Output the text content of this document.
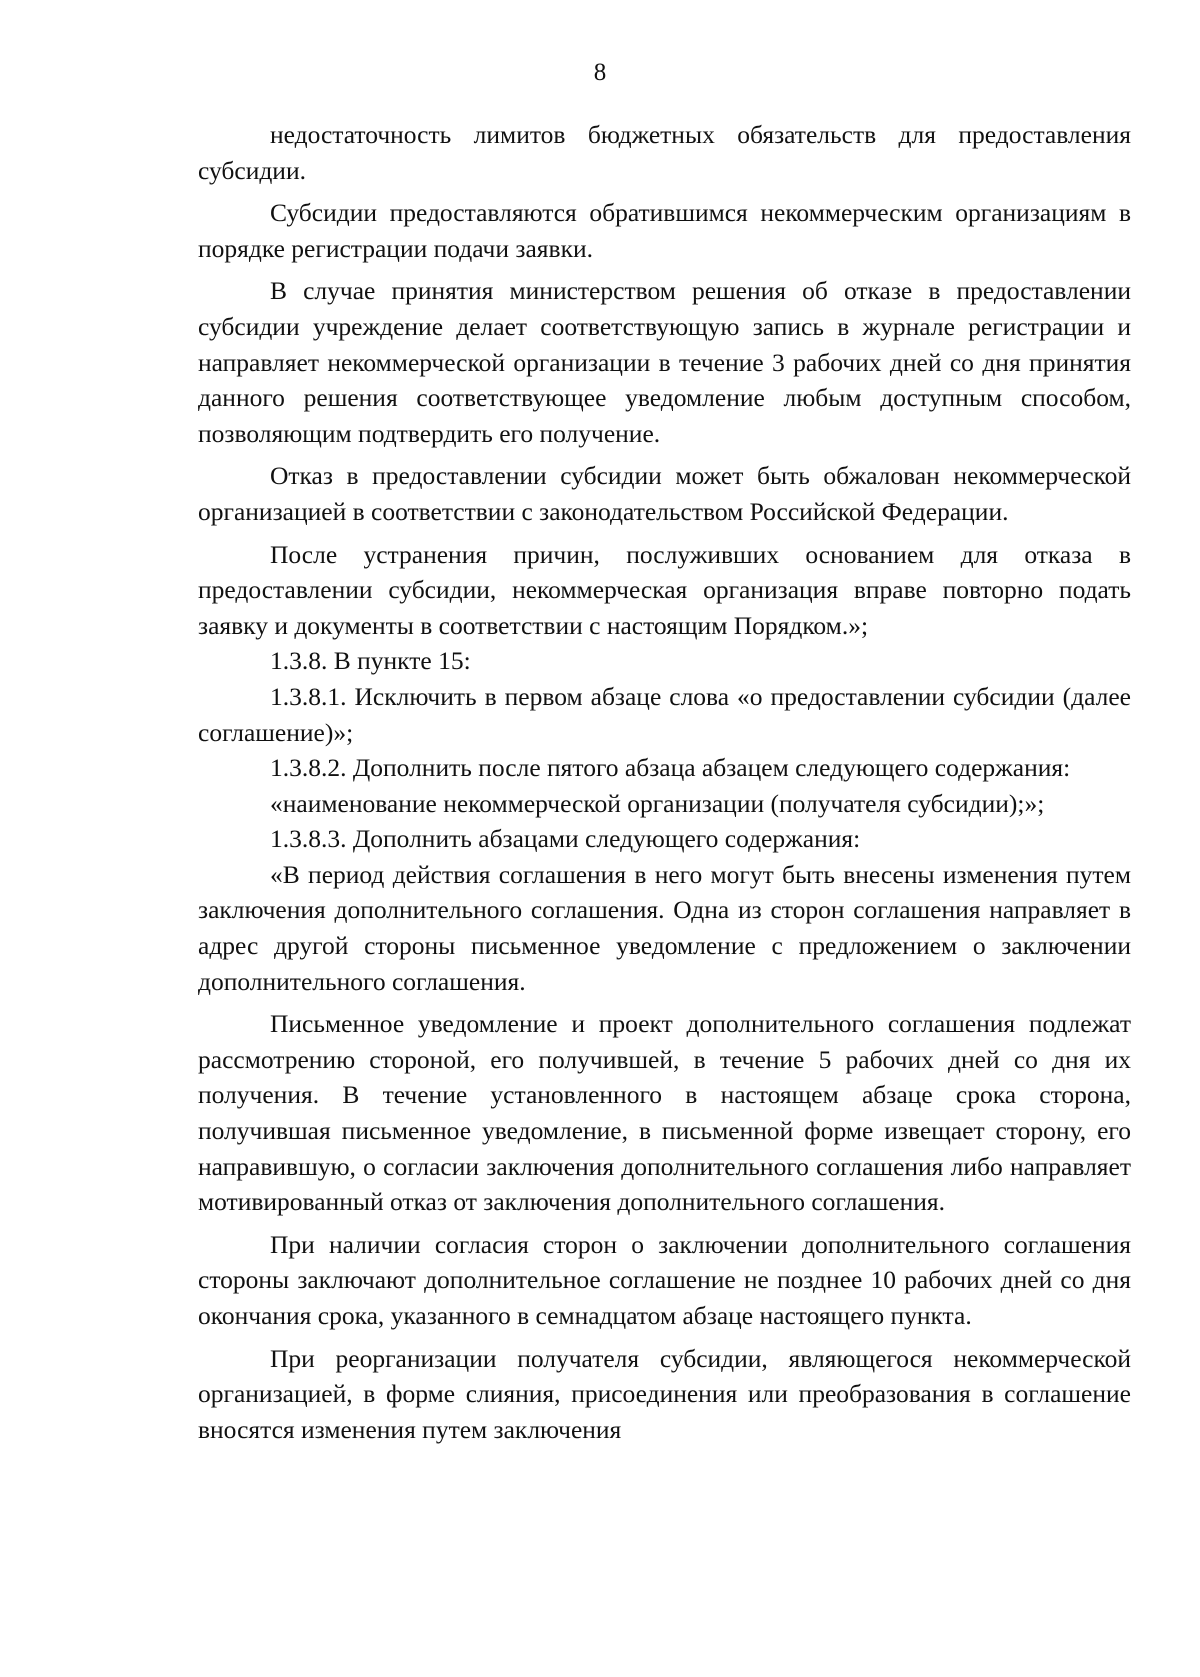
8

недостаточность лимитов бюджетных обязательств для предоставления субсидии.

Субсидии предоставляются обратившимся некоммерческим организациям в порядке регистрации подачи заявки.

В случае принятия министерством решения об отказе в предоставлении субсидии учреждение делает соответствующую запись в журнале регистрации и направляет некоммерческой организации в течение 3 рабочих дней со дня принятия данного решения соответствующее уведомление любым доступным способом, позволяющим подтвердить его получение.

Отказ в предоставлении субсидии может быть обжалован некоммерческой организацией в соответствии с законодательством Российской Федерации.

После устранения причин, послуживших основанием для отказа в предоставлении субсидии, некоммерческая организация вправе повторно подать заявку и документы в соответствии с настоящим Порядком.»;

1.3.8. В пункте 15:

1.3.8.1. Исключить в первом абзаце слова «о предоставлении субсидии (далее соглашение)»;

1.3.8.2. Дополнить после пятого абзаца абзацем следующего содержания:

«наименование некоммерческой организации (получателя субсидии);»;

1.3.8.3. Дополнить абзацами следующего содержания:

«В период действия соглашения в него могут быть внесены изменения путем заключения дополнительного соглашения. Одна из сторон соглашения направляет в адрес другой стороны письменное уведомление с предложением о заключении дополнительного соглашения.

Письменное уведомление и проект дополнительного соглашения подлежат рассмотрению стороной, его получившей, в течение 5 рабочих дней со дня их получения. В течение установленного в настоящем абзаце срока сторона, получившая письменное уведомление, в письменной форме извещает сторону, его направившую, о согласии заключения дополнительного соглашения либо направляет мотивированный отказ от заключения дополнительного соглашения.

При наличии согласия сторон о заключении дополнительного соглашения стороны заключают дополнительное соглашение не позднее 10 рабочих дней со дня окончания срока, указанного в семнадцатом абзаце настоящего пункта.

При реорганизации получателя субсидии, являющегося некоммерческой организацией, в форме слияния, присоединения или преобразования в соглашение вносятся изменения путем заключения
